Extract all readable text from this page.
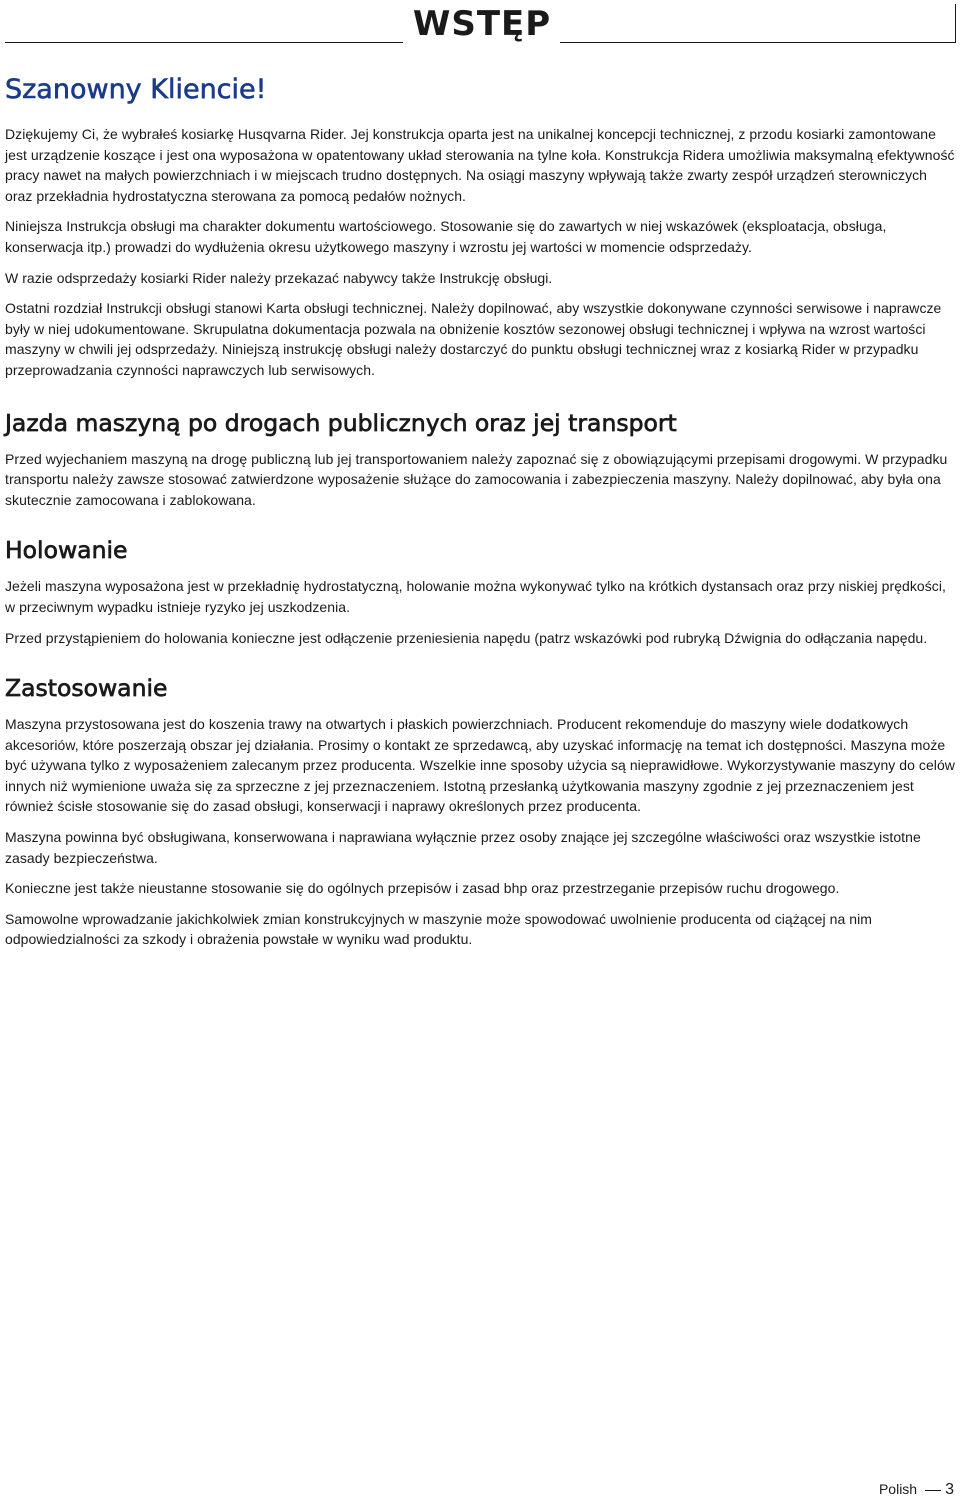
WSTĘP
Szanowny Kliencie!

Dziękujemy Ci, że wybrałeś kosiarkę Husqvarna Rider. Jej konstrukcja oparta jest na unikalnej koncepcji technicznej, z przodu kosiarki zamontowane jest urządzenie koszące i jest ona wyposażona w opatentowany układ sterowania na tylne koła. Konstrukcja Ridera umożliwia maksymalną efektywność pracy nawet na małych powierzchniach i w miejscach trudno dostępnych. Na osiągi maszyny wpływają także zwarty zespół urządzeń sterowniczych oraz przekładnia hydrostatyczna sterowana za pomocą pedałów nożnych.

Niniejsza Instrukcja obsługi ma charakter dokumentu wartościowego. Stosowanie się do zawartych w niej wskazówek (eksploatacja, obsługa, konserwacja itp.) prowadzi do wydłużenia okresu użytkowego maszyny i wzrostu jej wartości w momencie odsprzedaży.

W razie odsprzedaży kosiarki Rider należy przekazać nabywcy także Instrukcję obsługi.

Ostatni rozdział Instrukcji obsługi stanowi Karta obsługi technicznej. Należy dopilnować, aby wszystkie dokonywane czynności serwisowe i naprawcze były w niej udokumentowane. Skrupulatna dokumentacja pozwala na obniżenie kosztów sezonowej obsługi technicznej i wpływa na wzrost wartości maszyny w chwili jej odsprzedaży. Niniejszą instrukcję obsługi należy dostarczyć do punktu obsługi technicznej wraz z kosiarką Rider w przypadku przeprowadzania czynności naprawczych lub serwisowych.

Jazda maszyną po drogach publicznych oraz jej transport

Przed wyjechaniem maszyną na drogę publiczną lub jej transportowaniem należy zapoznać się z obowiązującymi przepisami drogowymi. W przypadku transportu należy zawsze stosować zatwierdzone wyposażenie służące do zamocowania i zabezpieczenia maszyny. Należy dopilnować, aby była ona skutecznie zamocowana i zablokowana.

Holowanie

Jeżeli maszyna wyposażona jest w przekładnię hydrostatyczną, holowanie można wykonywać tylko na krótkich dystansach oraz przy niskiej prędkości, w przeciwnym wypadku istnieje ryzyko jej uszkodzenia.

Przed przystąpieniem do holowania konieczne jest odłączenie przeniesienia napędu (patrz wskazówki pod rubryką Dźwignia do odłączania napędu.

Zastosowanie

Maszyna przystosowana jest do koszenia trawy na otwartych i płaskich powierzchniach. Producent rekomenduje do maszyny wiele dodatkowych akcesoriów, które poszerzają obszar jej działania. Prosimy o kontakt ze sprzedawcą, aby uzyskać informację na temat ich dostępności. Maszyna może być używana tylko z wyposażeniem zalecanym przez producenta. Wszelkie inne sposoby użycia są nieprawidłowe. Wykorzystywanie maszyny do celów innych niż wymienione uważa się za sprzeczne z jej przeznaczeniem. Istotną przesłanką użytkowania maszyny zgodnie z jej przeznaczeniem jest również ścisłe stosowanie się do zasad obsługi, konserwacji i naprawy określonych przez producenta.

Maszyna powinna być obsługiwana, konserwowana i naprawiana wyłącznie przez osoby znające jej szczególne właściwości oraz wszystkie istotne zasady bezpieczeństwa.

Konieczne jest także nieustanne stosowanie się do ogólnych przepisów i zasad bhp oraz przestrzeganie przepisów ruchu drogowego.

Samowolne wprowadzanie jakichkolwiek zmian konstrukcyjnych w maszynie może spowodować uwolnienie producenta od ciążącej na nim odpowiedzialności za szkody i obrażenia powstałe w wyniku wad produktu.

Polish 3
